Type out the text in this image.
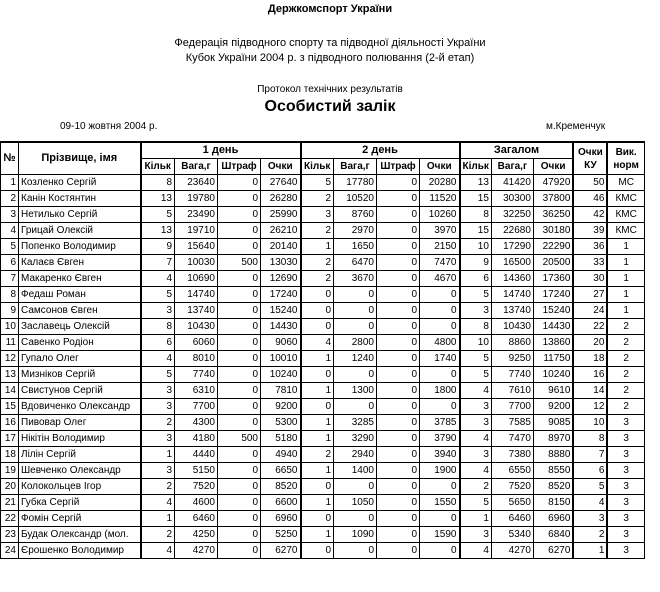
Держкомспорт України
Федерація підводного спорту та підводної діяльності України
Кубок України 2004 р. з підводного полювання (2-й етап)
Протокол технічних результатів
Особистий залік
09-10 жовтня 2004 р.	м.Кременчук
№	Прізвище, імя	1 день				2 день				Загалом			Очки КУ	Вик. норм
		Кільк	Вага,г	Штраф	Очки	Кільк	Вага,г	Штраф	Очки	Кільк	Вага,г	Очки		
1	Козленко Сергій	8	23640	0	27640	5	17780	0	20280	13	41420	47920	50	МС
2	Канін Костянтин	13	19780	0	26280	2	10520	0	11520	15	30300	37800	46	КМС
3	Нетилько Сергій	5	23490	0	25990	3	8760	0	10260	8	32250	36250	42	КМС
4	Грицай Олексій	13	19710	0	26210	2	2970	0	3970	15	22680	30180	39	КМС
5	Попенко Володимир	9	15640	0	20140	1	1650	0	2150	10	17290	22290	36	1
6	Калаєв Євген	7	10030	500	13030	2	6470	0	7470	9	16500	20500	33	1
7	Макаренко Євген	4	10690	0	12690	2	3670	0	4670	6	14360	17360	30	1
8	Федаш Роман	5	14740	0	17240	0	0	0	0	5	14740	17240	27	1
9	Самсонов Євген	3	13740	0	15240	0	0	0	0	3	13740	15240	24	1
10	Заславець Олексій	8	10430	0	14430	0	0	0	0	8	10430	14430	22	2
11	Савенко Родіон	6	6060	0	9060	4	2800	0	4800	10	8860	13860	20	2
12	Гупало Олег	4	8010	0	10010	1	1240	0	1740	5	9250	11750	18	2
13	Мизніков Сергій	5	7740	0	10240	0	0	0	0	5	7740	10240	16	2
14	Свистунов Сергій	3	6310	0	7810	1	1300	0	1800	4	7610	9610	14	2
15	Вдовиченко Олександр	3	7700	0	9200	0	0	0	0	3	7700	9200	12	2
16	Пивовар Олег	2	4300	0	5300	1	3285	0	3785	3	7585	9085	10	3
17	Нікітін Володимир	3	4180	500	5180	1	3290	0	3790	4	7470	8970	8	3
18	Лілін Сергій	1	4440	0	4940	2	2940	0	3940	3	7380	8880	7	3
19	Шевченко Олександр	3	5150	0	6650	1	1400	0	1900	4	6550	8550	6	3
20	Колокольцев Ігор	2	7520	0	8520	0	0	0	0	2	7520	8520	5	3
21	Губка Сергій	4	4600	0	6600	1	1050	0	1550	5	5650	8150	4	3
22	Фомін Сергій	1	6460	0	6960	0	0	0	0	1	6460	6960	3	3
23	Будак Олександр (мол.	2	4250	0	5250	1	1090	0	1590	3	5340	6840	2	3
24	Єрошенко Володимир	4	4270	0	6270	0	0	0	0	4	4270	6270	1	3
